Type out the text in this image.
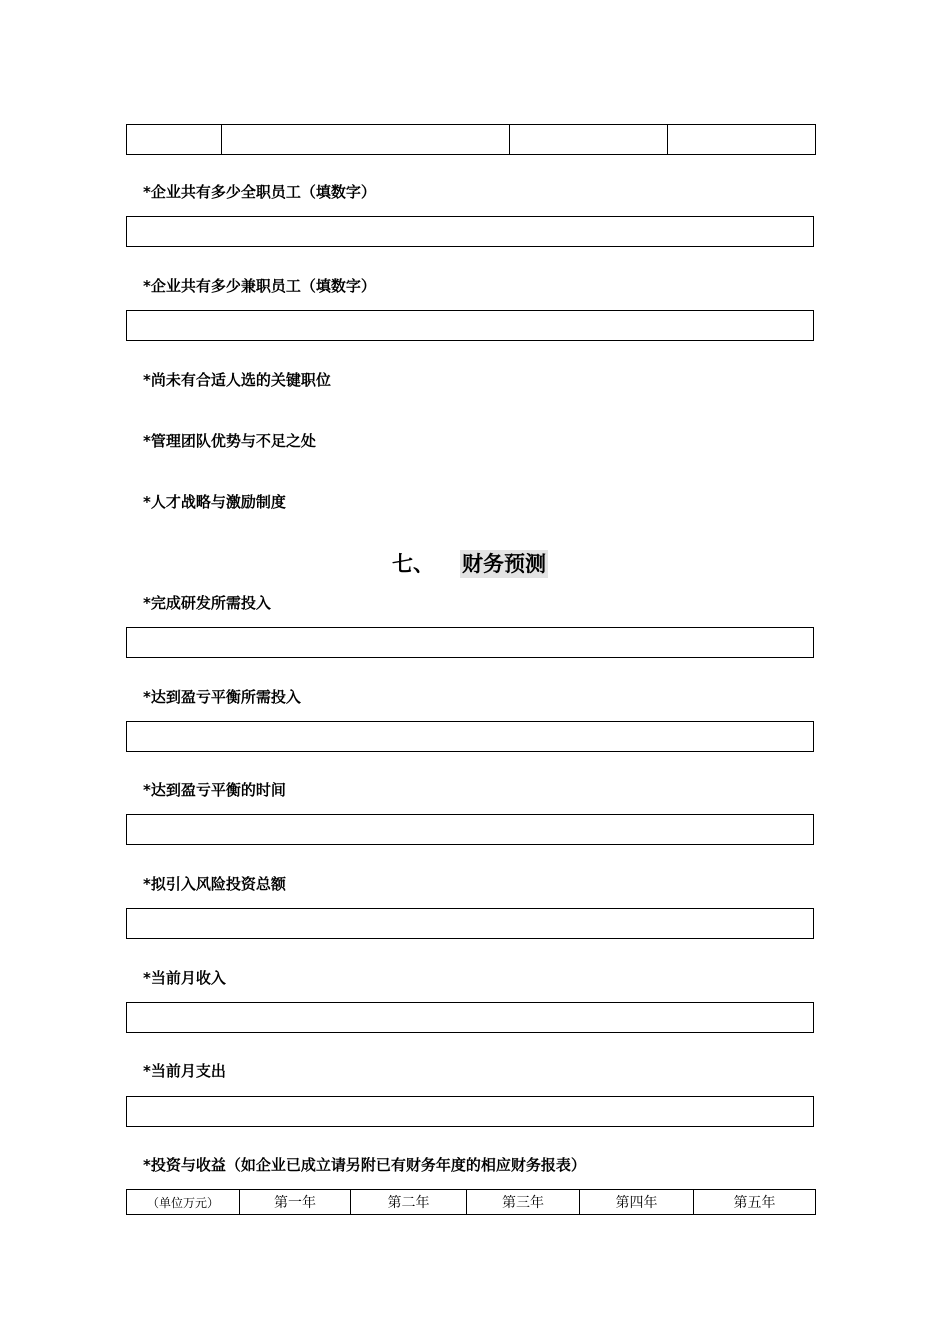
*企业共有多少全职员工（填数字）
*企业共有多少兼职员工（填数字）
*尚未有合适人选的关键职位
*管理团队优势与不足之处
*人才战略与激励制度
七、 财务预测
*完成研发所需投入
*达到盈亏平衡所需投入
*达到盈亏平衡的时间
*拟引入风险投资总额
*当前月收入
*当前月支出
*投资与收益（如企业已成立请另附已有财务年度的相应财务报表）
（单位万元）	第一年	第二年	第三年	第四年	第五年
